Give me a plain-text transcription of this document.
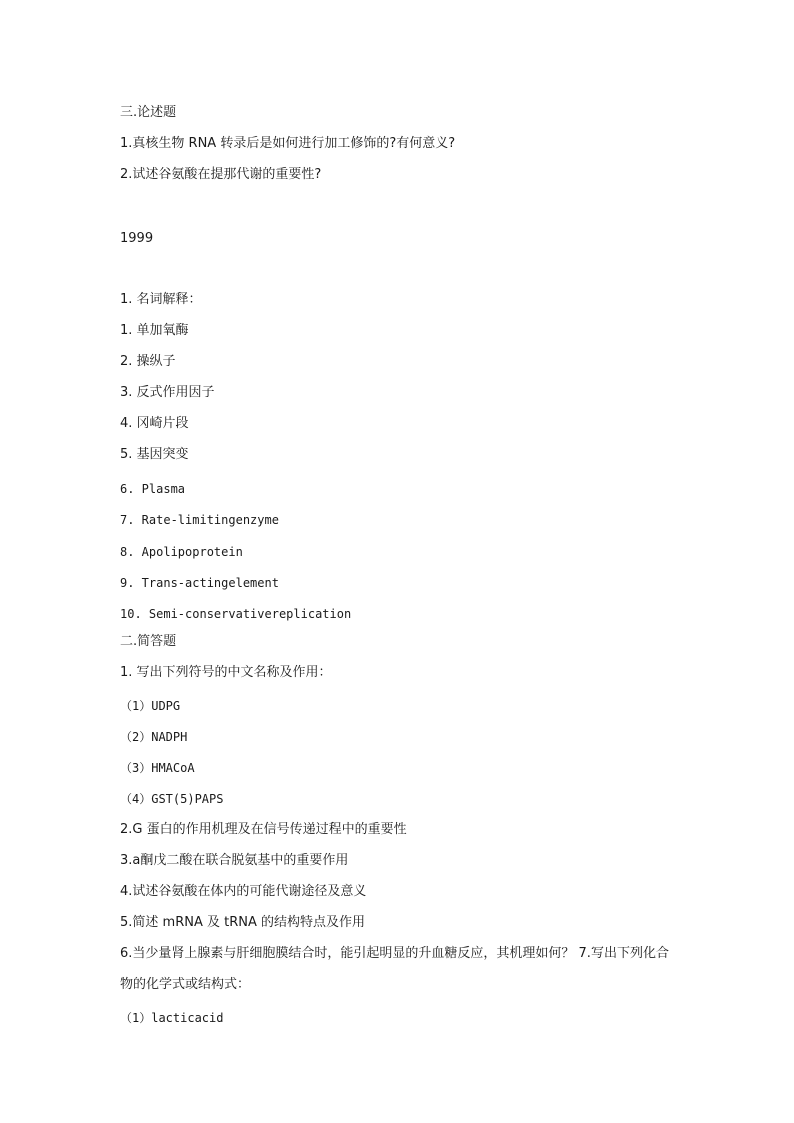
三.论述题

1.真核生物 RNA 转录后是如何进行加工修饰的?有何意义?

2.试述谷氨酸在提那代谢的重要性?

1999

1. 名词解释：

1. 单加氧酶

2. 操纵子

3. 反式作用因子

4. 冈崎片段

5. 基因突变

6. Plasma

7. Rate-limitingenzyme

8. Apolipoprotein

9. Trans-actingelement

10. Semi-conservativereplication

二.简答题

1. 写出下列符号的中文名称及作用：

（1）UDPG

（2）NADPH

（3）HMACoA

（4）GST(5)PAPS

2.G 蛋白的作用机理及在信号传递过程中的重要性

3.a酮戊二酸在联合脱氨基中的重要作用

4.试述谷氨酸在体内的可能代谢途径及意义

5.简述 mRNA 及 tRNA 的结构特点及作用

6.当少量肾上腺素与肝细胞膜结合时，能引起明显的升血糖反应，其机理如何？ 7.写出下列化合物的化学式或结构式：

（1）lacticacid
